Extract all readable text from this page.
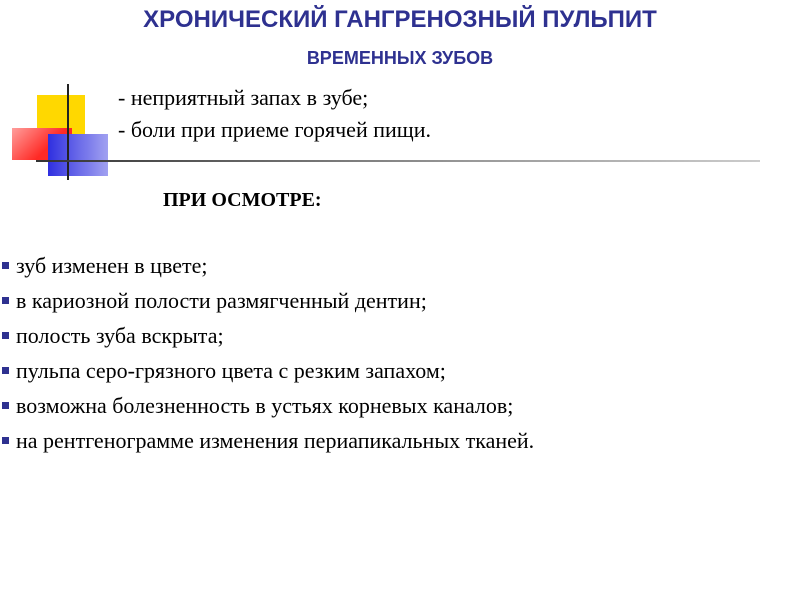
ХРОНИЧЕСКИЙ ГАНГРЕНОЗНЫЙ ПУЛЬПИТ
ВРЕМЕННЫХ ЗУБОВ
- неприятный запах в зубе;
- боли при приеме горячей пищи.
ПРИ ОСМОТРЕ:
зуб изменен в цвете;
в кариозной полости размягченный дентин;
полость зуба вскрыта;
пульпа серо-грязного цвета с резким запахом;
возможна болезненность в устьях корневых каналов;
на рентгенограмме изменения периапикальных тканей.
